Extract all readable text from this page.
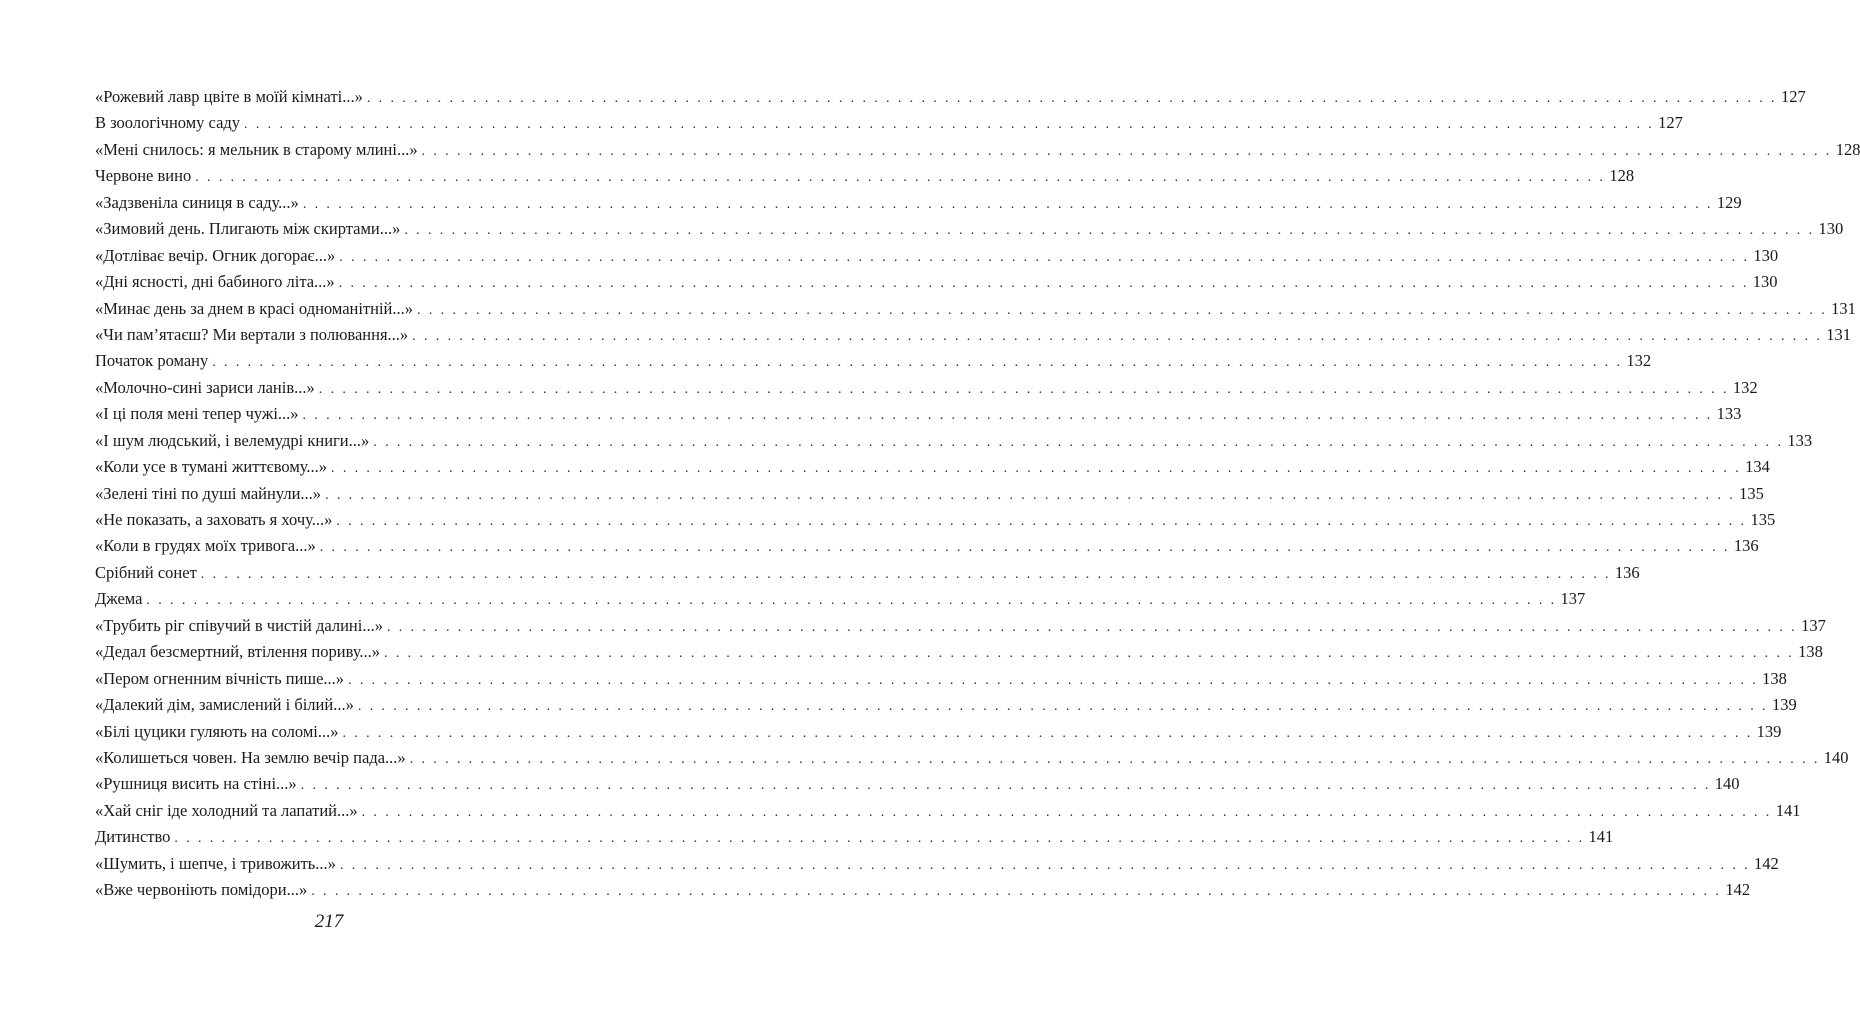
«Рожевий лавр цвіте в моїй кімнаті...» . . . . . . . . . . . . . . . . . . . . . . . . . . . . . . . . . . . . . . . . . . . . . . . . . . . . . . . . . . . . . . . . . . . . . . . . . . . . . . . . . . . . . . . . . . . . . . . . . . . . . . . . . . . . . . . . . . . . . . . . 127
В зоологічному саду . . . . . . . . . . . . . . . . . . . . . . . . . . . . . . . . . . . . . . . . . . . . . . . . . . . . . . . . . . . . . . . . . . . . . . . . . . . . . . . . . . . . . . . . . . . . . . . . . . . . . . . . . . . . . . . . . . . . . . . . 127
«Мені снилось: я мельник в старому млині...» . . . . . . . . . . . . . . . . . . . . . . . . . . . . . . . . . . . . . . . . . . . . . . . . . . . . . . . . . . . . . . . . . . . . . . . . . . . . . . . . . . . . . . . . . . . . . . . . . . . . . . . . . . . . . . . . . . . . . . . . 128
Червоне вино . . . . . . . . . . . . . . . . . . . . . . . . . . . . . . . . . . . . . . . . . . . . . . . . . . . . . . . . . . . . . . . . . . . . . . . . . . . . . . . . . . . . . . . . . . . . . . . . . . . . . . . . . . . . . . . . . . . . . . . . 128
«Задзвеніла синиця в саду...» . . . . . . . . . . . . . . . . . . . . . . . . . . . . . . . . . . . . . . . . . . . . . . . . . . . . . . . . . . . . . . . . . . . . . . . . . . . . . . . . . . . . . . . . . . . . . . . . . . . . . . . . . . . . . . . . . . . . . . . . 129
«Зимовий день. Плигають між скиртами...» . . . . . . . . . . . . . . . . . . . . . . . . . . . . . . . . . . . . . . . . . . . . . . . . . . . . . . . . . . . . . . . . . . . . . . . . . . . . . . . . . . . . . . . . . . . . . . . . . . . . . . . . . . . . . . . . . . . . . . . . 130
«Дотліває вечір. Огник догорає...» . . . . . . . . . . . . . . . . . . . . . . . . . . . . . . . . . . . . . . . . . . . . . . . . . . . . . . . . . . . . . . . . . . . . . . . . . . . . . . . . . . . . . . . . . . . . . . . . . . . . . . . . . . . . . . . . . . . . . . . . 130
«Дні ясності, дні бабиного літа...» . . . . . . . . . . . . . . . . . . . . . . . . . . . . . . . . . . . . . . . . . . . . . . . . . . . . . . . . . . . . . . . . . . . . . . . . . . . . . . . . . . . . . . . . . . . . . . . . . . . . . . . . . . . . . . . . . . . . . . . . 130
«Минає день за днем в красі одноманітній...» . . . . . . . . . . . . . . . . . . . . . . . . . . . . . . . . . . . . . . . . . . . . . . . . . . . . . . . . . . . . . . . . . . . . . . . . . . . . . . . . . . . . . . . . . . . . . . . . . . . . . . . . . . . . . . . . . . . . . . . . 131
«Чи пам’ятаєш? Ми вертали з полювання...» . . . . . . . . . . . . . . . . . . . . . . . . . . . . . . . . . . . . . . . . . . . . . . . . . . . . . . . . . . . . . . . . . . . . . . . . . . . . . . . . . . . . . . . . . . . . . . . . . . . . . . . . . . . . . . . . . . . . . . . . 131
Початок роману . . . . . . . . . . . . . . . . . . . . . . . . . . . . . . . . . . . . . . . . . . . . . . . . . . . . . . . . . . . . . . . . . . . . . . . . . . . . . . . . . . . . . . . . . . . . . . . . . . . . . . . . . . . . . . . . . . . . . . . . 132
«Молочно-сині зариси ланів...» . . . . . . . . . . . . . . . . . . . . . . . . . . . . . . . . . . . . . . . . . . . . . . . . . . . . . . . . . . . . . . . . . . . . . . . . . . . . . . . . . . . . . . . . . . . . . . . . . . . . . . . . . . . . . . . . . . . . . . . . 132
«І ці поля мені тепер чужі...» . . . . . . . . . . . . . . . . . . . . . . . . . . . . . . . . . . . . . . . . . . . . . . . . . . . . . . . . . . . . . . . . . . . . . . . . . . . . . . . . . . . . . . . . . . . . . . . . . . . . . . . . . . . . . . . . . . . . . . . . 133
«І шум людський, і велемудрі книги...» . . . . . . . . . . . . . . . . . . . . . . . . . . . . . . . . . . . . . . . . . . . . . . . . . . . . . . . . . . . . . . . . . . . . . . . . . . . . . . . . . . . . . . . . . . . . . . . . . . . . . . . . . . . . . . . . . . . . . . . . 133
«Коли усе в тумані життєвому...» . . . . . . . . . . . . . . . . . . . . . . . . . . . . . . . . . . . . . . . . . . . . . . . . . . . . . . . . . . . . . . . . . . . . . . . . . . . . . . . . . . . . . . . . . . . . . . . . . . . . . . . . . . . . . . . . . . . . . . . . 134
«Зелені тіні по душі майнули...» . . . . . . . . . . . . . . . . . . . . . . . . . . . . . . . . . . . . . . . . . . . . . . . . . . . . . . . . . . . . . . . . . . . . . . . . . . . . . . . . . . . . . . . . . . . . . . . . . . . . . . . . . . . . . . . . . . . . . . . . 135
«Не показать, а заховать я хочу...» . . . . . . . . . . . . . . . . . . . . . . . . . . . . . . . . . . . . . . . . . . . . . . . . . . . . . . . . . . . . . . . . . . . . . . . . . . . . . . . . . . . . . . . . . . . . . . . . . . . . . . . . . . . . . . . . . . . . . . . . 135
«Коли в грудях моїх тривога...» . . . . . . . . . . . . . . . . . . . . . . . . . . . . . . . . . . . . . . . . . . . . . . . . . . . . . . . . . . . . . . . . . . . . . . . . . . . . . . . . . . . . . . . . . . . . . . . . . . . . . . . . . . . . . . . . . . . . . . . . 136
Срібний сонет . . . . . . . . . . . . . . . . . . . . . . . . . . . . . . . . . . . . . . . . . . . . . . . . . . . . . . . . . . . . . . . . . . . . . . . . . . . . . . . . . . . . . . . . . . . . . . . . . . . . . . . . . . . . . . . . . . . . . . . . 136
Джема . . . . . . . . . . . . . . . . . . . . . . . . . . . . . . . . . . . . . . . . . . . . . . . . . . . . . . . . . . . . . . . . . . . . . . . . . . . . . . . . . . . . . . . . . . . . . . . . . . . . . . . . . . . . . . . . . . . . . . . . 137
«Трубить ріг співучий в чистій далині...» . . . . . . . . . . . . . . . . . . . . . . . . . . . . . . . . . . . . . . . . . . . . . . . . . . . . . . . . . . . . . . . . . . . . . . . . . . . . . . . . . . . . . . . . . . . . . . . . . . . . . . . . . . . . . . . . . . . . . . . . 137
«Дедал безсмертний, втілення пориву...» . . . . . . . . . . . . . . . . . . . . . . . . . . . . . . . . . . . . . . . . . . . . . . . . . . . . . . . . . . . . . . . . . . . . . . . . . . . . . . . . . . . . . . . . . . . . . . . . . . . . . . . . . . . . . . . . . . . . . . . . 138
«Пером огненним вічність пише...» . . . . . . . . . . . . . . . . . . . . . . . . . . . . . . . . . . . . . . . . . . . . . . . . . . . . . . . . . . . . . . . . . . . . . . . . . . . . . . . . . . . . . . . . . . . . . . . . . . . . . . . . . . . . . . . . . . . . . . . . 138
«Далекий дім, замислений і білий...» . . . . . . . . . . . . . . . . . . . . . . . . . . . . . . . . . . . . . . . . . . . . . . . . . . . . . . . . . . . . . . . . . . . . . . . . . . . . . . . . . . . . . . . . . . . . . . . . . . . . . . . . . . . . . . . . . . . . . . . . 139
«Білі цуцики гуляють на соломі...» . . . . . . . . . . . . . . . . . . . . . . . . . . . . . . . . . . . . . . . . . . . . . . . . . . . . . . . . . . . . . . . . . . . . . . . . . . . . . . . . . . . . . . . . . . . . . . . . . . . . . . . . . . . . . . . . . . . . . . . . 139
«Колишеться човен. На землю вечір пада...» . . . . . . . . . . . . . . . . . . . . . . . . . . . . . . . . . . . . . . . . . . . . . . . . . . . . . . . . . . . . . . . . . . . . . . . . . . . . . . . . . . . . . . . . . . . . . . . . . . . . . . . . . . . . . . . . . . . . . . . . 140
«Рушниця висить на стіні...» . . . . . . . . . . . . . . . . . . . . . . . . . . . . . . . . . . . . . . . . . . . . . . . . . . . . . . . . . . . . . . . . . . . . . . . . . . . . . . . . . . . . . . . . . . . . . . . . . . . . . . . . . . . . . . . . . . . . . . . . 140
«Хай сніг іде холодний та лапатий...» . . . . . . . . . . . . . . . . . . . . . . . . . . . . . . . . . . . . . . . . . . . . . . . . . . . . . . . . . . . . . . . . . . . . . . . . . . . . . . . . . . . . . . . . . . . . . . . . . . . . . . . . . . . . . . . . . . . . . . . . 141
Дитинство . . . . . . . . . . . . . . . . . . . . . . . . . . . . . . . . . . . . . . . . . . . . . . . . . . . . . . . . . . . . . . . . . . . . . . . . . . . . . . . . . . . . . . . . . . . . . . . . . . . . . . . . . . . . . . . . . . . . . . . . 141
«Шумить, і шепче, і тривожить...» . . . . . . . . . . . . . . . . . . . . . . . . . . . . . . . . . . . . . . . . . . . . . . . . . . . . . . . . . . . . . . . . . . . . . . . . . . . . . . . . . . . . . . . . . . . . . . . . . . . . . . . . . . . . . . . . . . . . . . . . 142
«Вже червоніють помідори...» . . . . . . . . . . . . . . . . . . . . . . . . . . . . . . . . . . . . . . . . . . . . . . . . . . . . . . . . . . . . . . . . . . . . . . . . . . . . . . . . . . . . . . . . . . . . . . . . . . . . . . . . . . . . . . . . . . . . . . . . 142
217
